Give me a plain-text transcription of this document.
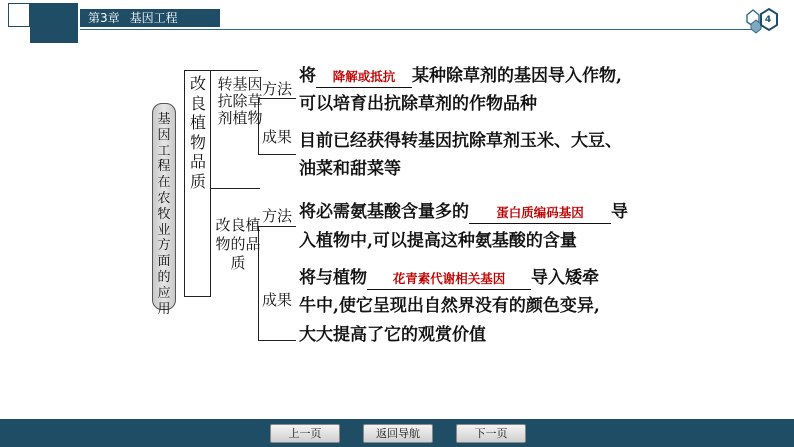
第3章 基因工程	4
基因工程在农牧业方面的应用
改良植物品质
转基因抗除草剂植物
改良植物的品质
方法
成果
将 降解或抵抗 某种除草剂的基因导入作物,
可以培育出抗除草剂的作物品种
目前已经获得转基因抗除草剂玉米、大豆、
油菜和甜菜等
方法
成果
将必需氨基酸含量多的 蛋白质编码基因 导
入植物中,可以提高这种氨基酸的含量
将与植物 花青素代谢相关基因 导入矮牵
牛中,使它呈现出自然界没有的颜色变异,
大大提高了它的观赏价值
上一页	返回导航	下一页
